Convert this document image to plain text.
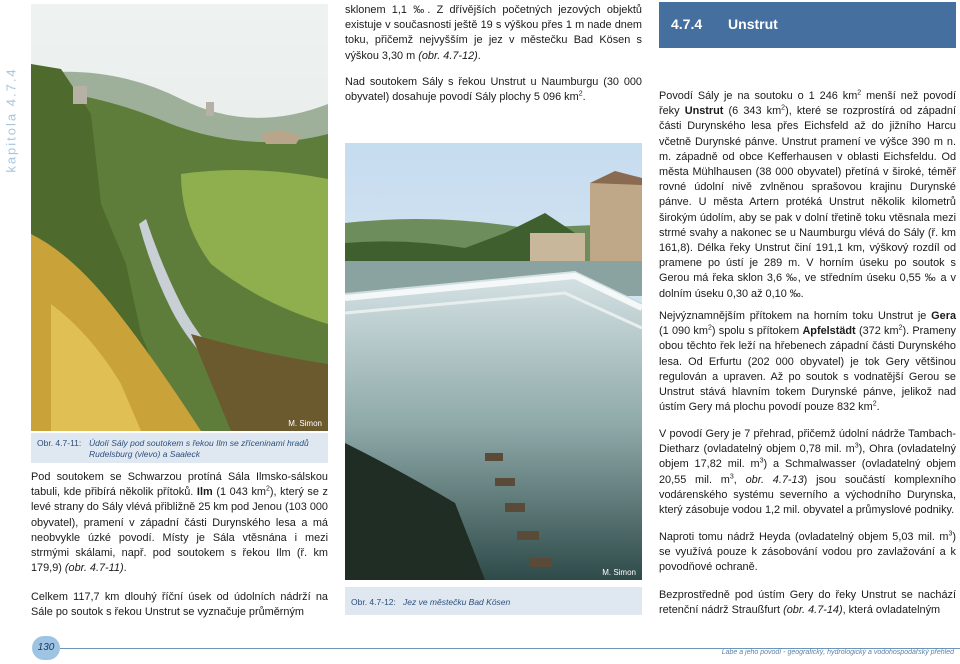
kapitola 4.7.4
M. Simon
Obr. 4.7-11: Údolí Sály pod soutokem s řekou Ilm se zříceninami hradů Rudelsburg (vlevo) a Saaleck

Pod soutokem se Schwarzou protíná Sála Ilmsko-sálskou tabuli, kde přibírá několik přítoků. Ilm (1 043 $km^2$), který se z levé strany do Sály vlévá přibližně 25 km pod Jenou (103 000 obyvatel), pramení v západní části Durynského lesa a má neobvykle úzké povodí. Místy je Sála vtěsnána i mezi strmými skálami, např. pod soutokem s řekou Ilm (ř. km 179,9) (obr. 4.7-11).

Celkem 117,7 km dlouhý říční úsek od údolních nádrží na Sále po soutok s řekou Unstrut se vyznačuje průměrným

sklonem 1,1 ‰. Z dřívějších početných jezových objektů existuje v současnosti ještě 19 s výškou přes 1 m nade dnem toku, přičemž nejvyšším je jez v městečku Bad Kösen s výškou 3,30 m (obr. 4.7-12).

Nad soutokem Sály s řekou Unstrut u Naumburgu (30 000 obyvatel) dosahuje povodí Sály plochy 5 096 $km^2$.

M. Simon
Obr. 4.7-12: Jez ve městečku Bad Kösen
4.7.4 Unstrut

Povodí Sály je na soutoku o 1 246 $km^2$ menší než povodí řeky Unstrut (6 343 $km^2$), které se rozprostírá od západní části Durynského lesa přes Eichsfeld až do jižního Harcu včetně Durynské pánve. Unstrut pramení ve výšce 390 m n. m. západně od obce Kefferhausen v oblasti Eichsfeldu. Od města Mühlhausen (38 000 obyvatel) přetíná v široké, téměř rovné údolní nivě zvlněnou sprašovou krajinu Durynské pánve. U města Artern protéká Unstrut několik kilometrů širokým údolím, aby se pak v dolní třetině toku vtěsnala mezi strmé svahy a nakonec se u Naumburgu vlévá do Sály (ř. km 161,8). Délka řeky Unstrut činí 191,1 km, výškový rozdíl od pramene po ústí je 289 m. V horním úseku po soutok s Gerou má řeka sklon 3,6 ‰, ve středním úseku 0,55 ‰ a v dolním úseku 0,30 až 0,10 ‰.

Nejvýznamnějším přítokem na horním toku Unstrut je Gera (1 090 $km^2$) spolu s přítokem Apfelstädt (372 $km^2$). Prameny obou těchto řek leží na hřebenech západní části Durynského lesa. Od Erfurtu (202 000 obyvatel) je tok Gery většinou regulován a upraven. Až po soutok s vodnatější Gerou se Unstrut stává hlavním tokem Durynské pánve, jelikož nad ústím Gery má plochu povodí pouze 832 $km^2$.

V povodí Gery je 7 přehrad, přičemž údolní nádrže Tambach-Dietharz (ovladatelný objem 0,78 mil. $m^3$), Ohra (ovladatelný objem 17,82 mil. $m^3$) a Schmalwasser (ovladatelný objem 20,55 mil. $m^3$, obr. 4.7-13) jsou součástí komplexního vodárenského systému severního a východního Durynska, který zásobuje vodou 1,2 mil. obyvatel a průmyslové podniky.

Naproti tomu nádrž Heyda (ovladatelný objem 5,03 mil. $m^3$) se využívá pouze k zásobování vodou pro zavlažování a k povodňové ochraně.

Bezprostředně pod ústím Gery do řeky Unstrut se nachází retenční nádrž Straußfurt (obr. 4.7-14), která ovladatelným

130	Labe a jeho povodí - geografický, hydrologický a vodohospodářský přehled
